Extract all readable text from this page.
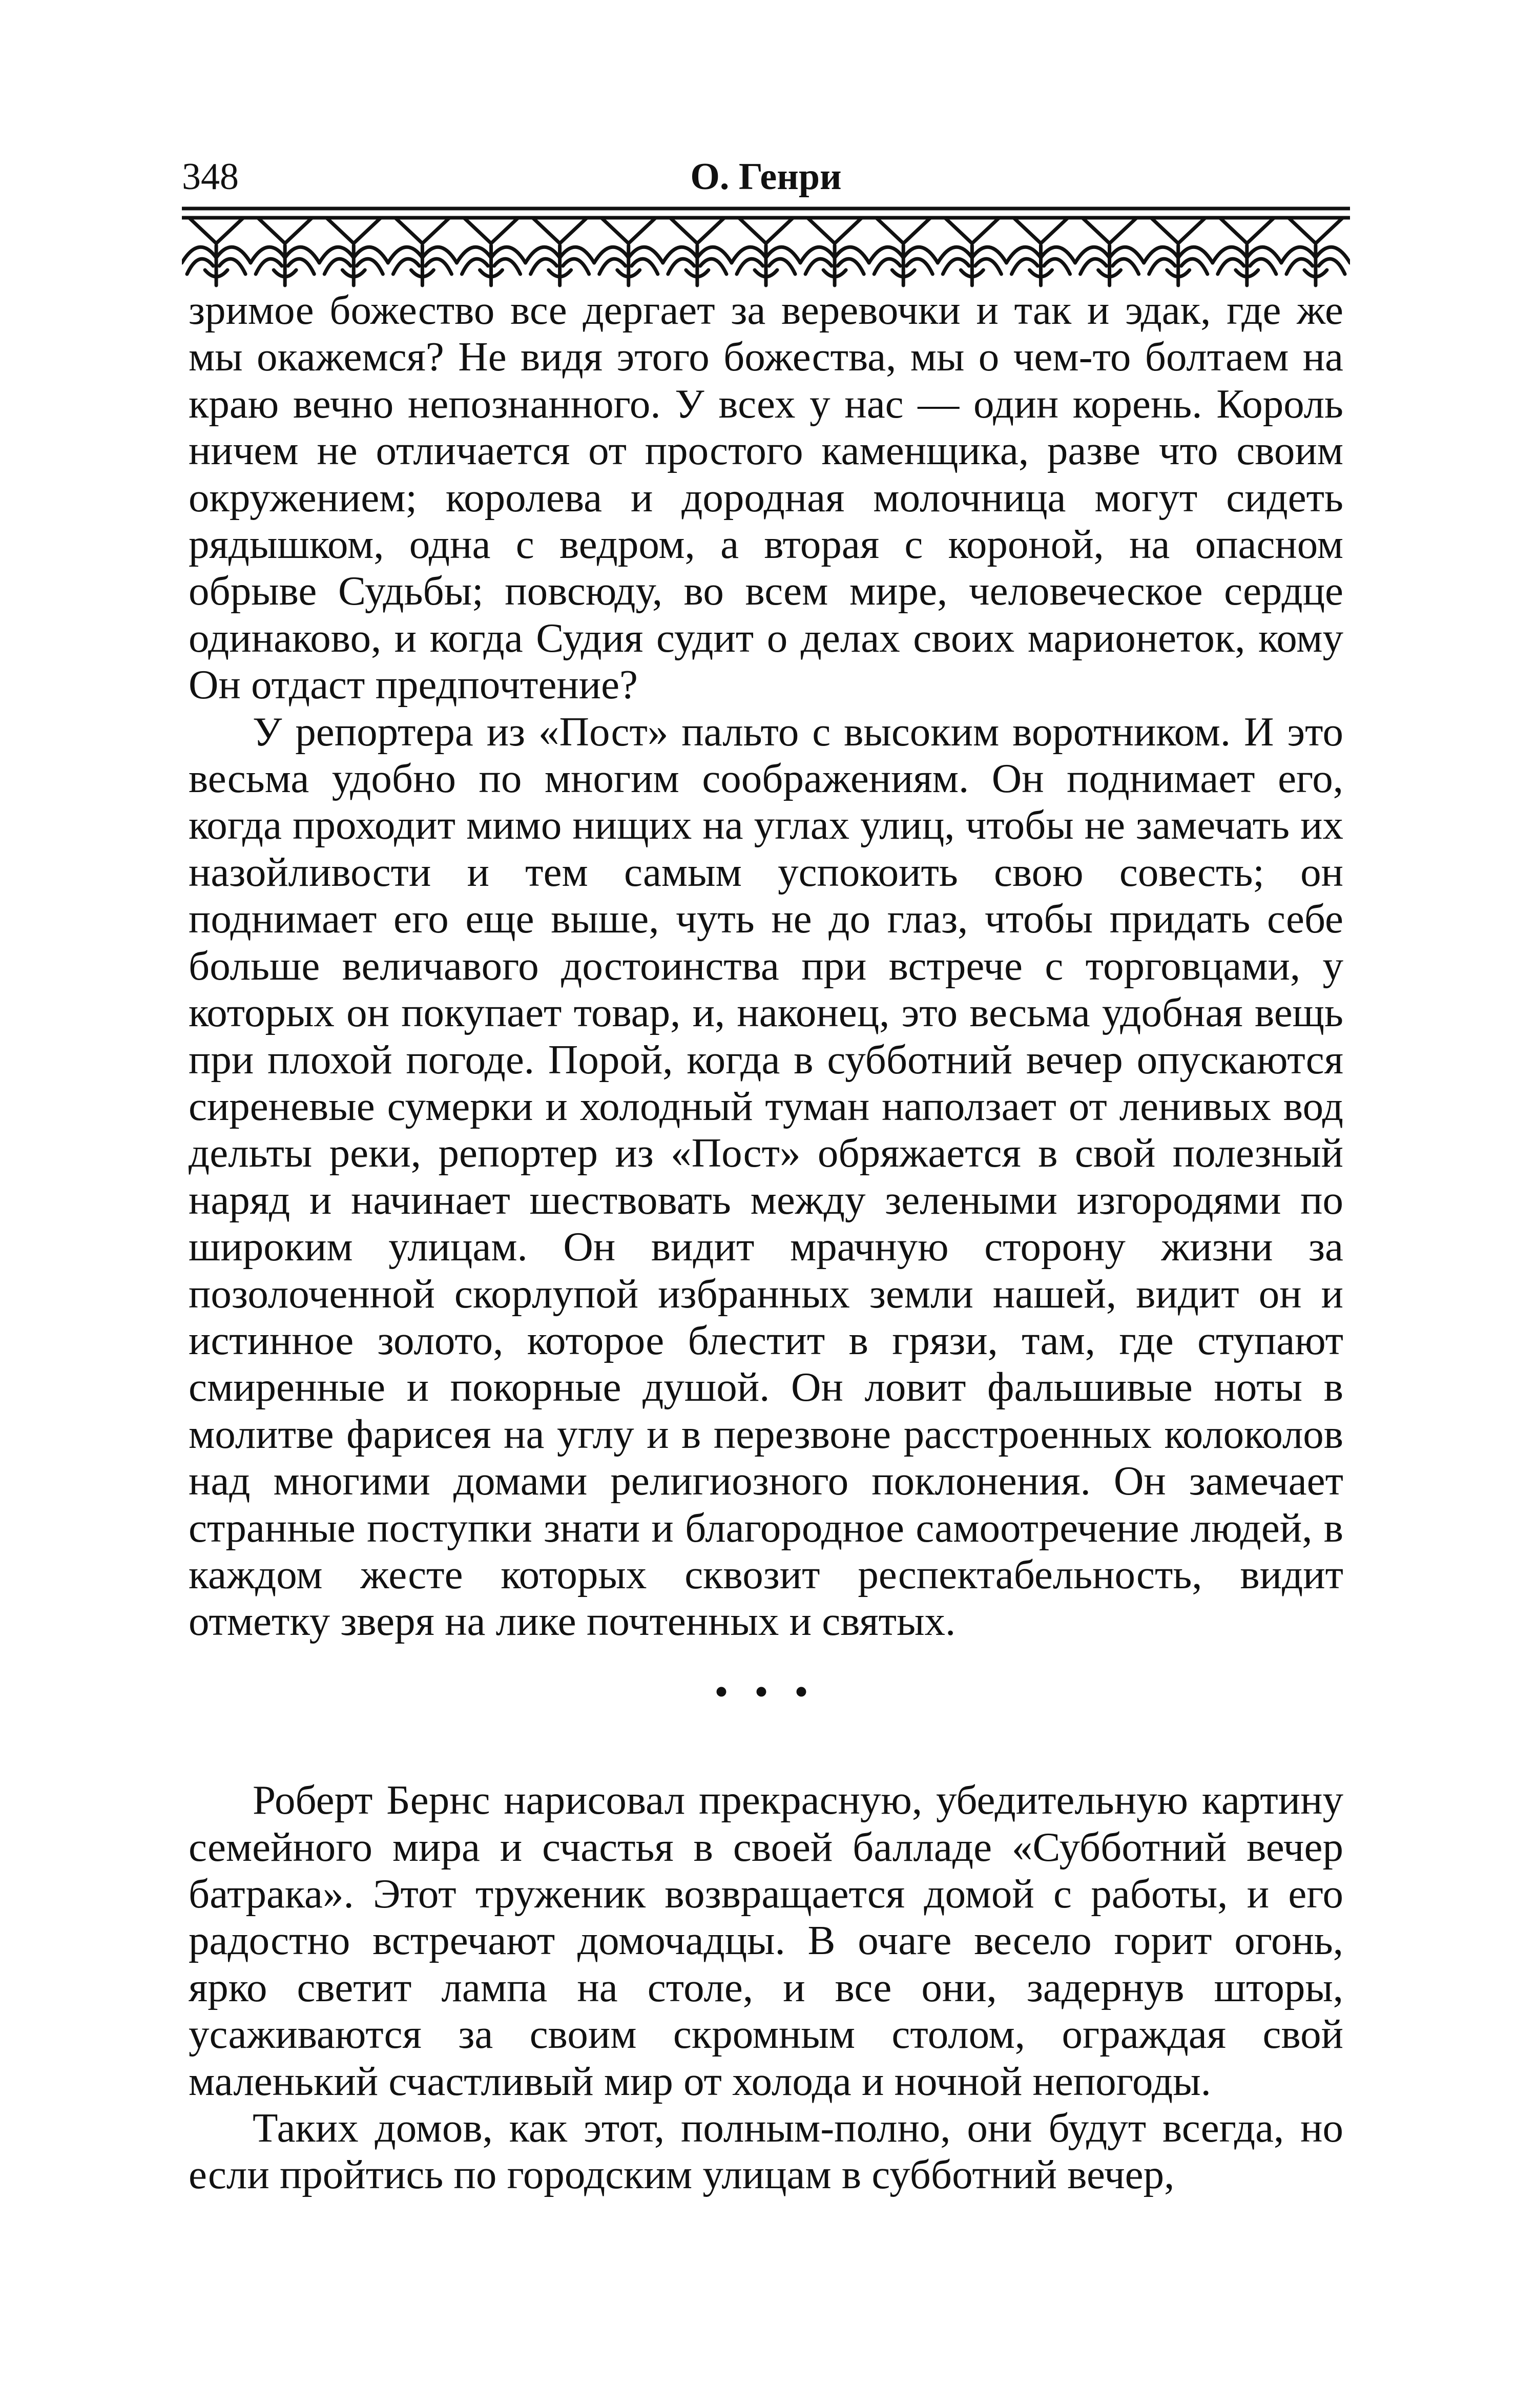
348	О. Генри

зримое божество все дергает за веревочки и так и эдак, где же мы окажемся? Не видя этого божества, мы о чем-то болтаем на краю вечно непознанного. У всех у нас — один корень. Король ничем не отличается от простого каменщика, разве что своим окружением; королева и дородная молочница могут сидеть рядышком, одна с ведром, а вторая с короной, на опасном обрыве Судьбы; повсюду, во всем мире, человеческое сердце одинаково, и когда Судия судит о делах своих марионеток, кому Он отдаст предпочтение?

У репортера из «Пост» пальто с высоким воротником. И это весьма удобно по многим соображениям. Он поднимает его, когда проходит мимо нищих на углах улиц, чтобы не замечать их назойливости и тем самым успокоить свою совесть; он поднимает его еще выше, чуть не до глаз, чтобы придать себе больше величавого достоинства при встрече с торговцами, у которых он покупает товар, и, наконец, это весьма удобная вещь при плохой погоде. Порой, когда в субботний вечер опускаются сиреневые сумерки и холодный туман наползает от ленивых вод дельты реки, репортер из «Пост» обряжается в свой полезный наряд и начинает шествовать между зелеными изгородями по широким улицам. Он видит мрачную сторону жизни за позолоченной скорлупой избранных земли нашей, видит он и истинное золото, которое блестит в грязи, там, где ступают смиренные и покорные душой. Он ловит фальшивые ноты в молитве фарисея на углу и в перезвоне расстроенных колоколов над многими домами религиозного поклонения. Он замечает странные поступки знати и благородное самоотречение людей, в каждом жесте которых сквозит респектабельность, видит отметку зверя на лике почтенных и святых.

• • •

Роберт Бернс нарисовал прекрасную, убедительную картину семейного мира и счастья в своей балладе «Субботний вечер батрака». Этот труженик возвращается домой с работы, и его радостно встречают домочадцы. В очаге весело горит огонь, ярко светит лампа на столе, и все они, задернув шторы, усаживаются за своим скромным столом, ограждая свой маленький счастливый мир от холода и ночной непогоды.

Таких домов, как этот, полным-полно, они будут всегда, но если пройтись по городским улицам в субботний вечер,
